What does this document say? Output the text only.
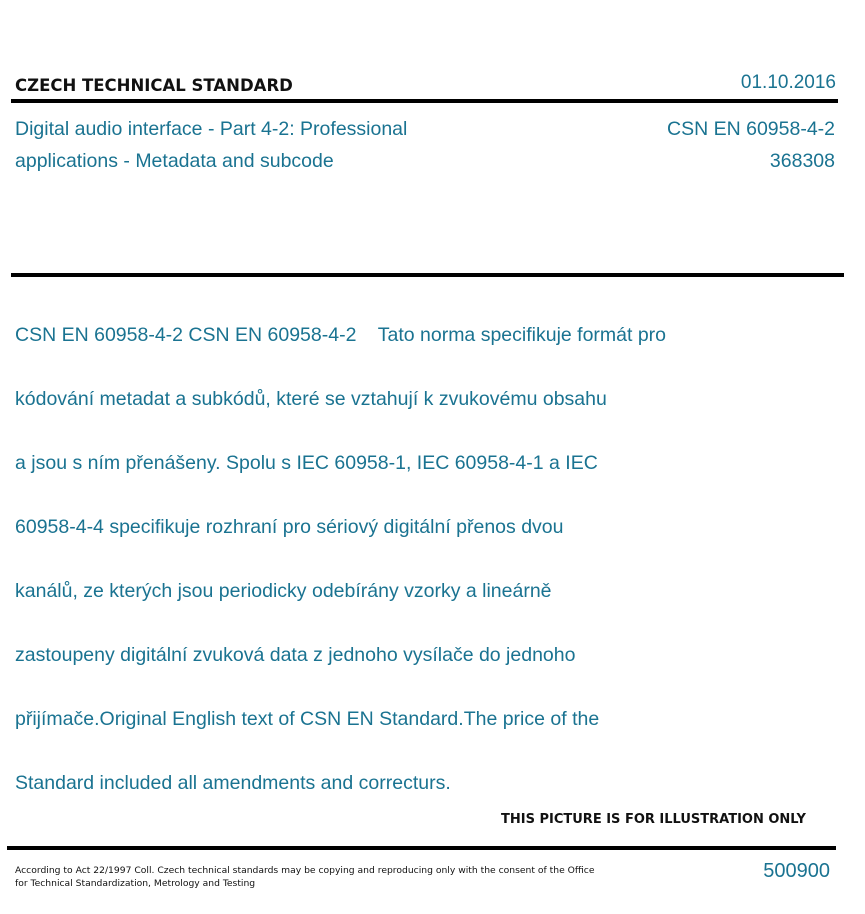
CZECH TECHNICAL STANDARD	01.10.2016
Digital audio interface - Part 4-2: Professional
applications - Metadata and subcode
CSN EN 60958-4-2
368308

CSN EN 60958-4-2 CSN EN 60958-4-2    Tato norma specifikuje formát pro

kódování metadat a subkódů, které se vztahují k zvukovému obsahu

a jsou s ním přenášeny. Spolu s IEC 60958-1, IEC 60958-4-1 a IEC

60958-4-4 specifikuje rozhraní pro sériový digitální přenos dvou

kanálů, ze kterých jsou periodicky odebírány vzorky a lineárně

zastoupeny digitální zvuková data z jednoho vysílače do jednoho

přijímače.Original English text of CSN EN Standard.The price of the

Standard included all amendments and correcturs.

THIS PICTURE IS FOR ILLUSTRATION ONLY
According to Act 22/1997 Coll. Czech technical standards may be copying and reproducing only with the consent of the Office
for Technical Standardization, Metrology and Testing
500900
